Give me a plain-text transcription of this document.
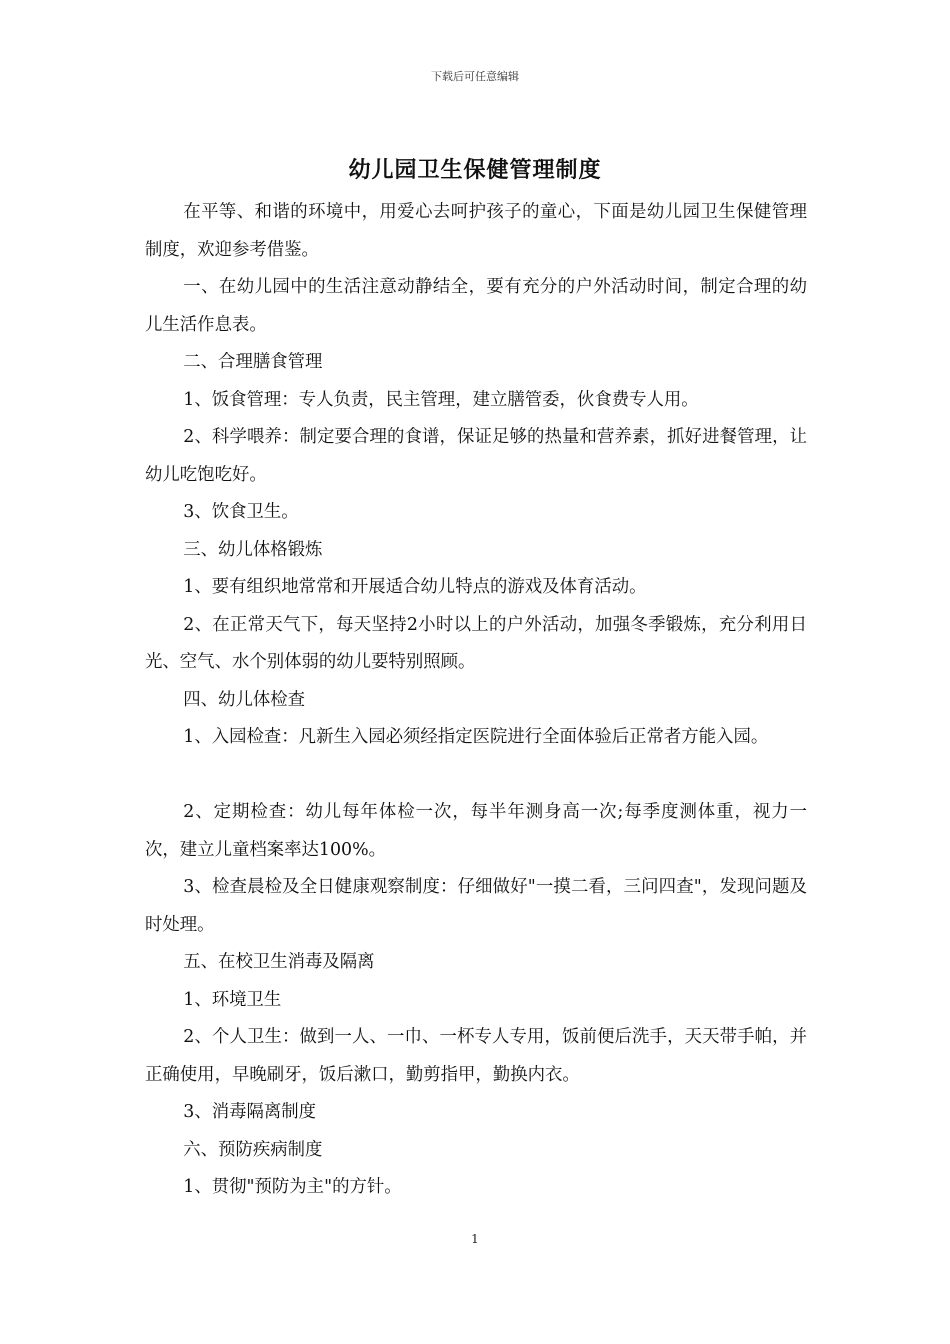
下载后可任意编辑
幼儿园卫生保健管理制度

在平等、和谐的环境中，用爱心去呵护孩子的童心，下面是幼儿园卫生保健管理制度，欢迎参考借鉴。

一、在幼儿园中的生活注意动静结全，要有充分的户外活动时间，制定合理的幼儿生活作息表。

二、合理膳食管理

1、饭食管理：专人负责，民主管理，建立膳管委，伙食费专人用。

2、科学喂养：制定要合理的食谱，保证足够的热量和营养素，抓好进餐管理，让幼儿吃饱吃好。

3、饮食卫生。

三、幼儿体格锻炼

1、要有组织地常常和开展适合幼儿特点的游戏及体育活动。

2、在正常天气下，每天坚持2小时以上的户外活动，加强冬季锻炼，充分利用日光、空气、水个别体弱的幼儿要特别照顾。

四、幼儿体检查

1、入园检查：凡新生入园必须经指定医院进行全面体验后正常者方能入园。

2、定期检查：幼儿每年体检一次，每半年测身高一次;每季度测体重，视力一次，建立儿童档案率达100%。

3、检查晨检及全日健康观察制度：仔细做好"一摸二看，三问四查"，发现问题及时处理。

五、在校卫生消毒及隔离

1、环境卫生

2、个人卫生：做到一人、一巾、一杯专人专用，饭前便后洗手，天天带手帕，并正确使用，早晚刷牙，饭后漱口，勤剪指甲，勤换内衣。

3、消毒隔离制度

六、预防疾病制度

1、贯彻"预防为主"的方针。

1
